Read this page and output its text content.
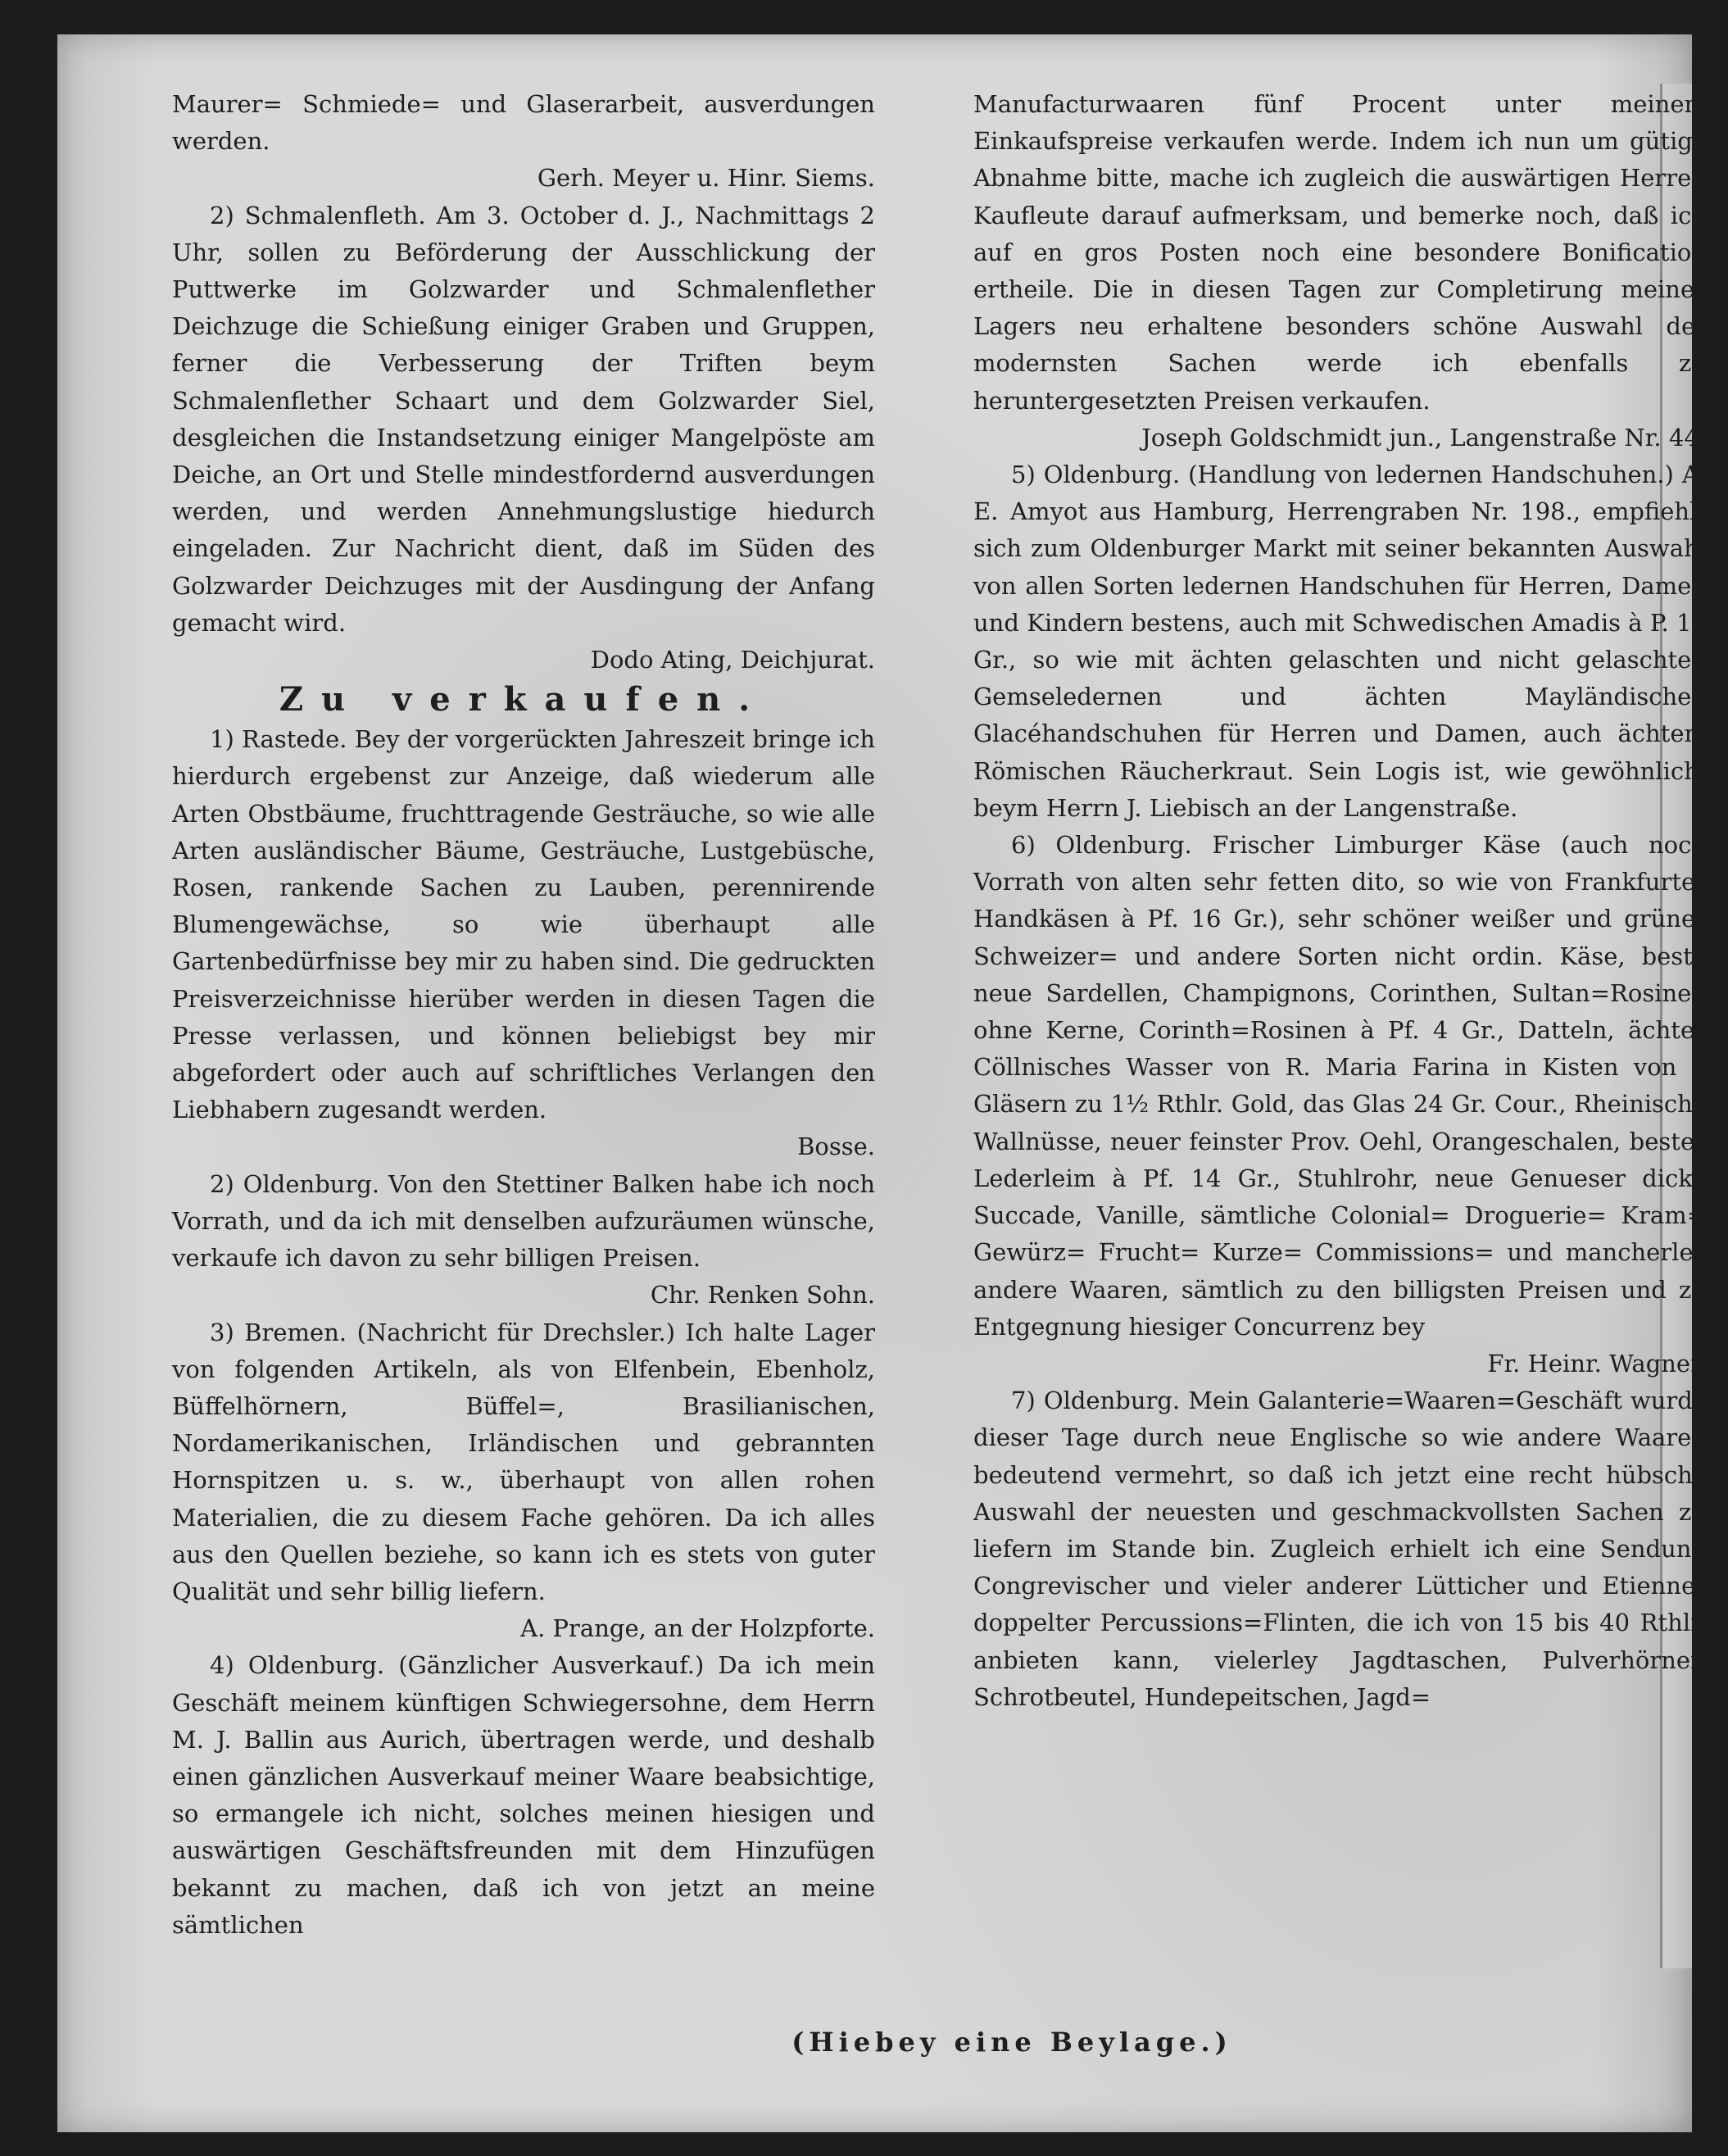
Maurer= Schmiede= und Glaserarbeit, ausverdungen werden.

Gerh. Meyer u. Hinr. Siems.

2) Schmalenfleth. Am 3. October d. J., Nachmittags 2 Uhr, sollen zu Beförderung der Ausschlickung der Puttwerke im Golzwarder und Schmalenflether Deichzuge die Schießung einiger Graben und Gruppen, ferner die Verbesserung der Triften beym Schmalenflether Schaart und dem Golzwarder Siel, desgleichen die Instandsetzung einiger Mangelpöste am Deiche, an Ort und Stelle mindestfordernd ausverdungen werden, und werden Annehmungslustige hiedurch eingeladen. Zur Nachricht dient, daß im Süden des Golzwarder Deichzuges mit der Ausdingung der Anfang gemacht wird.

Dodo Ating, Deichjurat.

Zu verkaufen.

1) Rastede. Bey der vorgerückten Jahreszeit bringe ich hierdurch ergebenst zur Anzeige, daß wiederum alle Arten Obstbäume, fruchttragende Gesträuche, so wie alle Arten ausländischer Bäume, Gesträuche, Lustgebüsche, Rosen, rankende Sachen zu Lauben, perennirende Blumengewächse, so wie überhaupt alle Gartenbedürfnisse bey mir zu haben sind. Die gedruckten Preisverzeichnisse hierüber werden in diesen Tagen die Presse verlassen, und können beliebigst bey mir abgefordert oder auch auf schriftliches Verlangen den Liebhabern zugesandt werden.

Bosse.

2) Oldenburg. Von den Stettiner Balken habe ich noch Vorrath, und da ich mit denselben aufzuräumen wünsche, verkaufe ich davon zu sehr billigen Preisen.

Chr. Renken Sohn.

3) Bremen. (Nachricht für Drechsler.) Ich halte Lager von folgenden Artikeln, als von Elfenbein, Ebenholz, Büffelhörnern, Büffel=, Brasilianischen, Nordamerikanischen, Irländischen und gebrannten Hornspitzen u. s. w., überhaupt von allen rohen Materialien, die zu diesem Fache gehören. Da ich alles aus den Quellen beziehe, so kann ich es stets von guter Qualität und sehr billig liefern.

A. Prange, an der Holzpforte.

4) Oldenburg. (Gänzlicher Ausverkauf.) Da ich mein Geschäft meinem künftigen Schwiegersohne, dem Herrn M. J. Ballin aus Aurich, übertragen werde, und deshalb einen gänzlichen Ausverkauf meiner Waare beabsichtige, so ermangele ich nicht, solches meinen hiesigen und auswärtigen Geschäftsfreunden mit dem Hinzufügen bekannt zu machen, daß ich von jetzt an meine sämtlichen

Manufacturwaaren fünf Procent unter meinem Einkaufspreise verkaufen werde. Indem ich nun um gütige Abnahme bitte, mache ich zugleich die auswärtigen Herren Kaufleute darauf aufmerksam, und bemerke noch, daß ich auf en gros Posten noch eine besondere Bonification ertheile. Die in diesen Tagen zur Completirung meines Lagers neu erhaltene besonders schöne Auswahl der modernsten Sachen werde ich ebenfalls zu heruntergesetzten Preisen verkaufen.

Joseph Goldschmidt jun., Langenstraße Nr. 44.

5) Oldenburg. (Handlung von ledernen Handschuhen.) A. E. Amyot aus Hamburg, Herrengraben Nr. 198., empfiehlt sich zum Oldenburger Markt mit seiner bekannten Auswahl von allen Sorten ledernen Handschuhen für Herren, Damen und Kindern bestens, auch mit Schwedischen Amadis à P. 15 Gr., so wie mit ächten gelaschten und nicht gelaschten Gemseledernen und ächten Mayländischen Glacéhandschuhen für Herren und Damen, auch ächtem Römischen Räucherkraut. Sein Logis ist, wie gewöhnlich, beym Herrn J. Liebisch an der Langenstraße.

6) Oldenburg. Frischer Limburger Käse (auch noch Vorrath von alten sehr fetten dito, so wie von Frankfurter Handkäsen à Pf. 16 Gr.), sehr schöner weißer und grüner Schweizer= und andere Sorten nicht ordin. Käse, beste neue Sardellen, Champignons, Corinthen, Sultan=Rosinen ohne Kerne, Corinth=Rosinen à Pf. 4 Gr., Datteln, ächtes Cöllnisches Wasser von R. Maria Farina in Kisten von 6 Gläsern zu 1½ Rthlr. Gold, das Glas 24 Gr. Cour., Rheinische Wallnüsse, neuer feinster Prov. Oehl, Orangeschalen, bestes Lederleim à Pf. 14 Gr., Stuhlrohr, neue Genueser dicke Succade, Vanille, sämtliche Colonial= Droguerie= Kram= Gewürz= Frucht= Kurze= Commissions= und mancherley andere Waaren, sämtlich zu den billigsten Preisen und zu Entgegnung hiesiger Concurrenz bey

Fr. Heinr. Wagner.

7) Oldenburg. Mein Galanterie=Waaren=Geschäft wurde dieser Tage durch neue Englische so wie andere Waaren bedeutend vermehrt, so daß ich jetzt eine recht hübsche Auswahl der neuesten und geschmackvollsten Sachen zu liefern im Stande bin. Zugleich erhielt ich eine Sendung Congrevischer und vieler anderer Lütticher und Etienner doppelter Percussions=Flinten, die ich von 15 bis 40 Rthlr. anbieten kann, vielerley Jagdtaschen, Pulverhörner, Schrotbeutel, Hundepeitschen, Jagd=

(Hiebey eine Beylage.)
